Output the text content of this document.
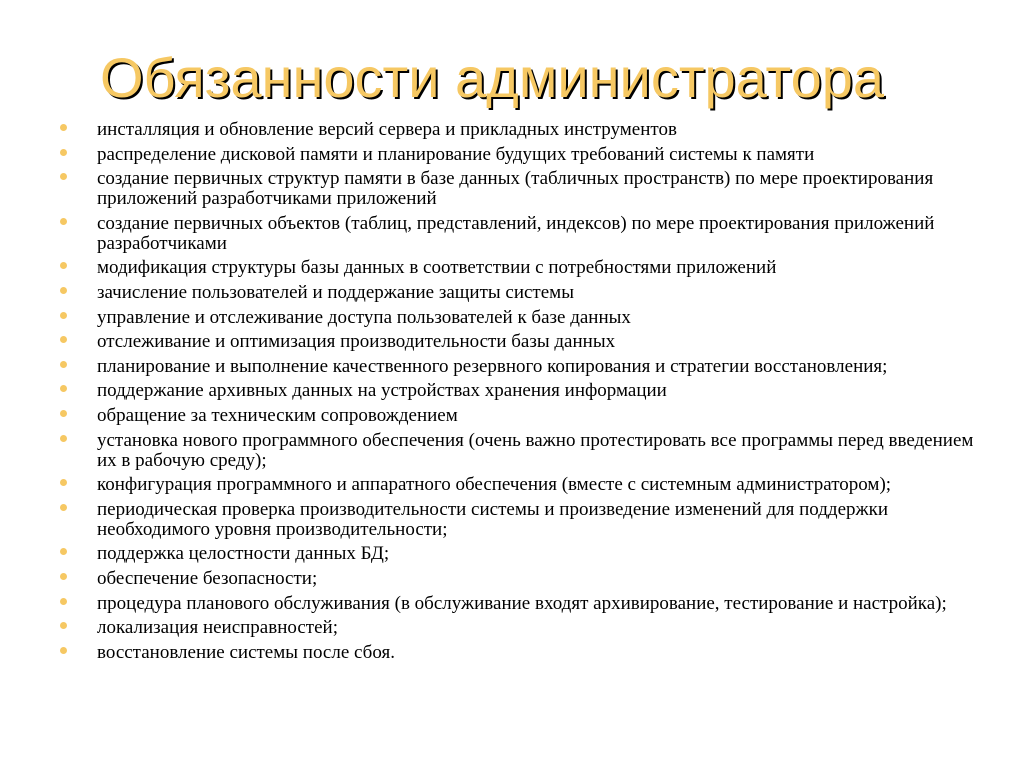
Обязанности администратора
инсталляция и обновление версий сервера и прикладных инструментов
распределение дисковой памяти и планирование будущих требований системы к памяти
создание первичных структур памяти в базе данных (табличных пространств) по мере проектирования приложений разработчиками приложений
создание первичных объектов (таблиц, представлений, индексов) по мере проектирования приложений разработчиками
модификация структуры базы данных в соответствии с потребностями приложений
зачисление пользователей и поддержание защиты системы
управление и отслеживание доступа пользователей к базе данных
отслеживание и оптимизация производительности базы данных
планирование и выполнение качественного резервного копирования и стратегии восстановления;
поддержание архивных данных на устройствах хранения информации
обращение за техническим сопровождением
установка нового программного обеспечения (очень важно протестировать все программы перед введением их в рабочую среду);
конфигурация программного и аппаратного обеспечения (вместе с системным администратором);
периодическая проверка производительности системы и произведение изменений для поддержки необходимого уровня производительности;
поддержка целостности данных БД;
обеспечение безопасности;
процедура планового обслуживания (в обслуживание входят архивирование, тестирование и настройка);
локализация неисправностей;
восстановление системы после сбоя.
